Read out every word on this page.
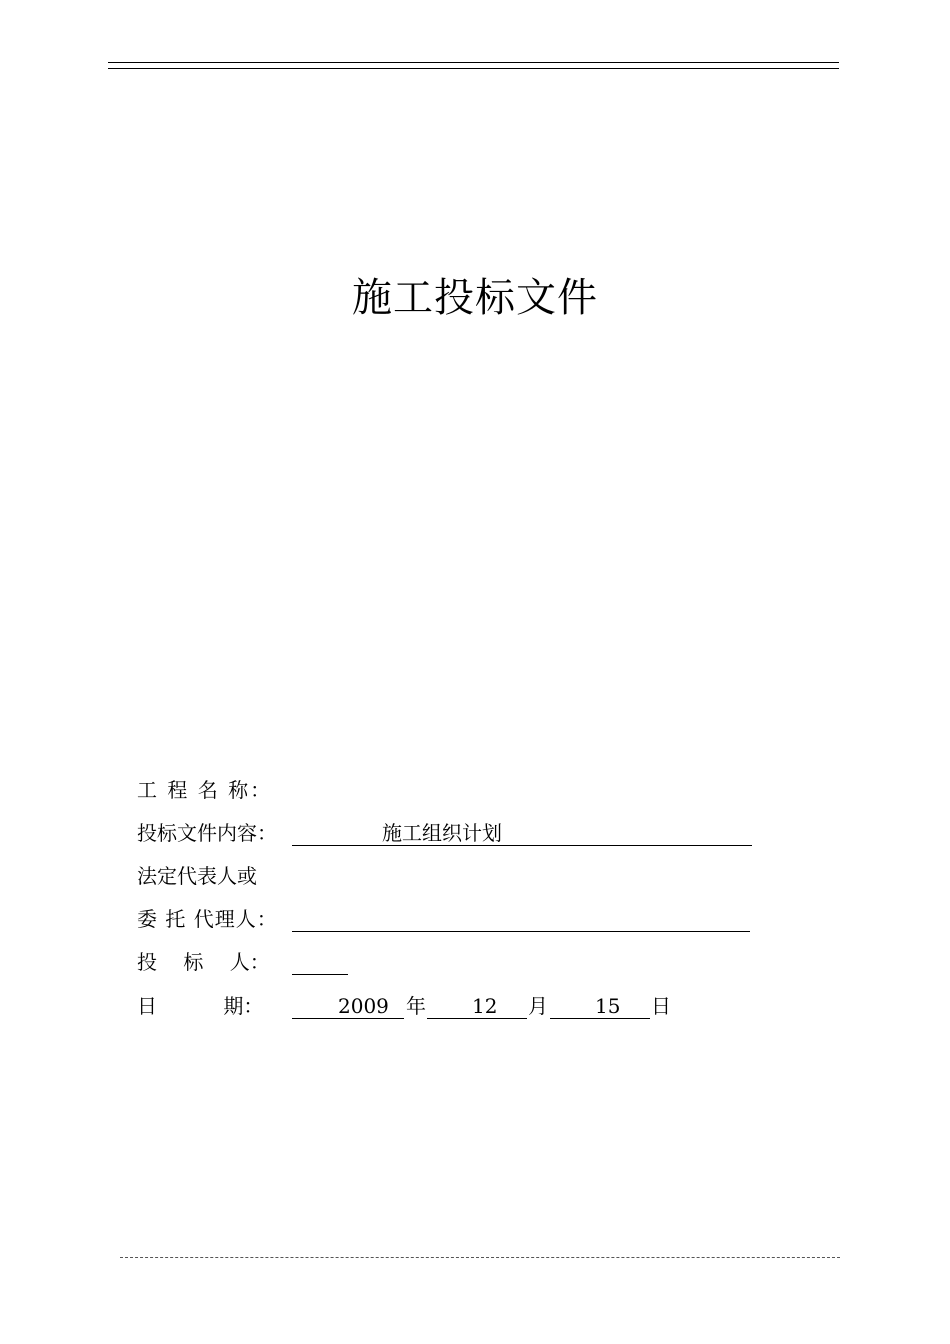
施工投标文件
工 程 名 称：
投标文件内容：	施工组织计划
法定代表人或
委 托 代理人：
投　 标　 人：
日　　 　期：	2009 年 12 月 15 日
